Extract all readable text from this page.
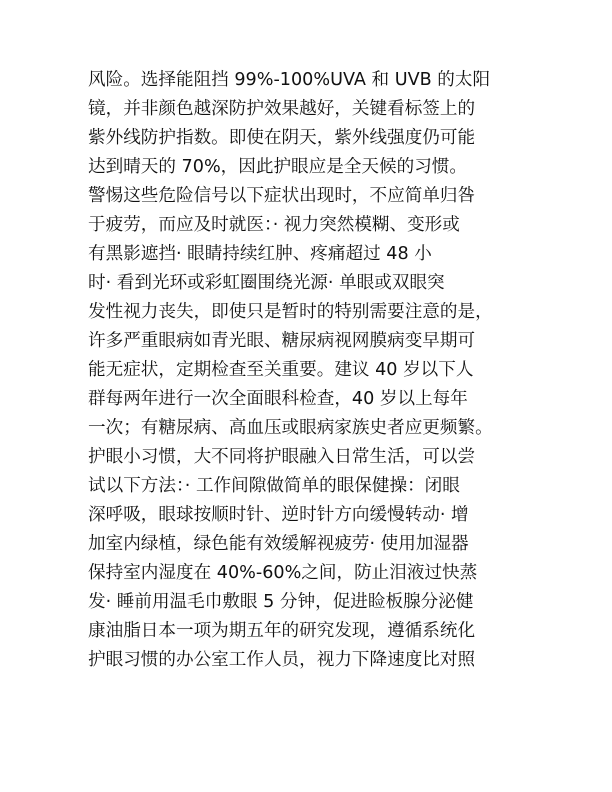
风险。选择能阻挡 99%-100%UVA 和 UVB 的太阳
镜，并非颜色越深防护效果越好，关键看标签上的
紫外线防护指数。即使在阴天，紫外线强度仍可能
达到晴天的 70%，因此护眼应是全天候的习惯。
警惕这些危险信号以下症状出现时，不应简单归咎
于疲劳，而应及时就医：· 视力突然模糊、变形或
有黑影遮挡· 眼睛持续红肿、疼痛超过 48 小
时· 看到光环或彩虹圈围绕光源· 单眼或双眼突
发性视力丧失，即使只是暂时的特别需要注意的是，
许多严重眼病如青光眼、糖尿病视网膜病变早期可
能无症状，定期检查至关重要。建议 40 岁以下人
群每两年进行一次全面眼科检查，40 岁以上每年
一次；有糖尿病、高血压或眼病家族史者应更频繁。
护眼小习惯，大不同将护眼融入日常生活，可以尝
试以下方法：· 工作间隙做简单的眼保健操：闭眼
深呼吸，眼球按顺时针、逆时针方向缓慢转动· 增
加室内绿植，绿色能有效缓解视疲劳· 使用加湿器
保持室内湿度在 40%-60%之间，防止泪液过快蒸
发· 睡前用温毛巾敷眼 5 分钟，促进睑板腺分泌健
康油脂日本一项为期五年的研究发现，遵循系统化
护眼习惯的办公室工作人员，视力下降速度比对照
